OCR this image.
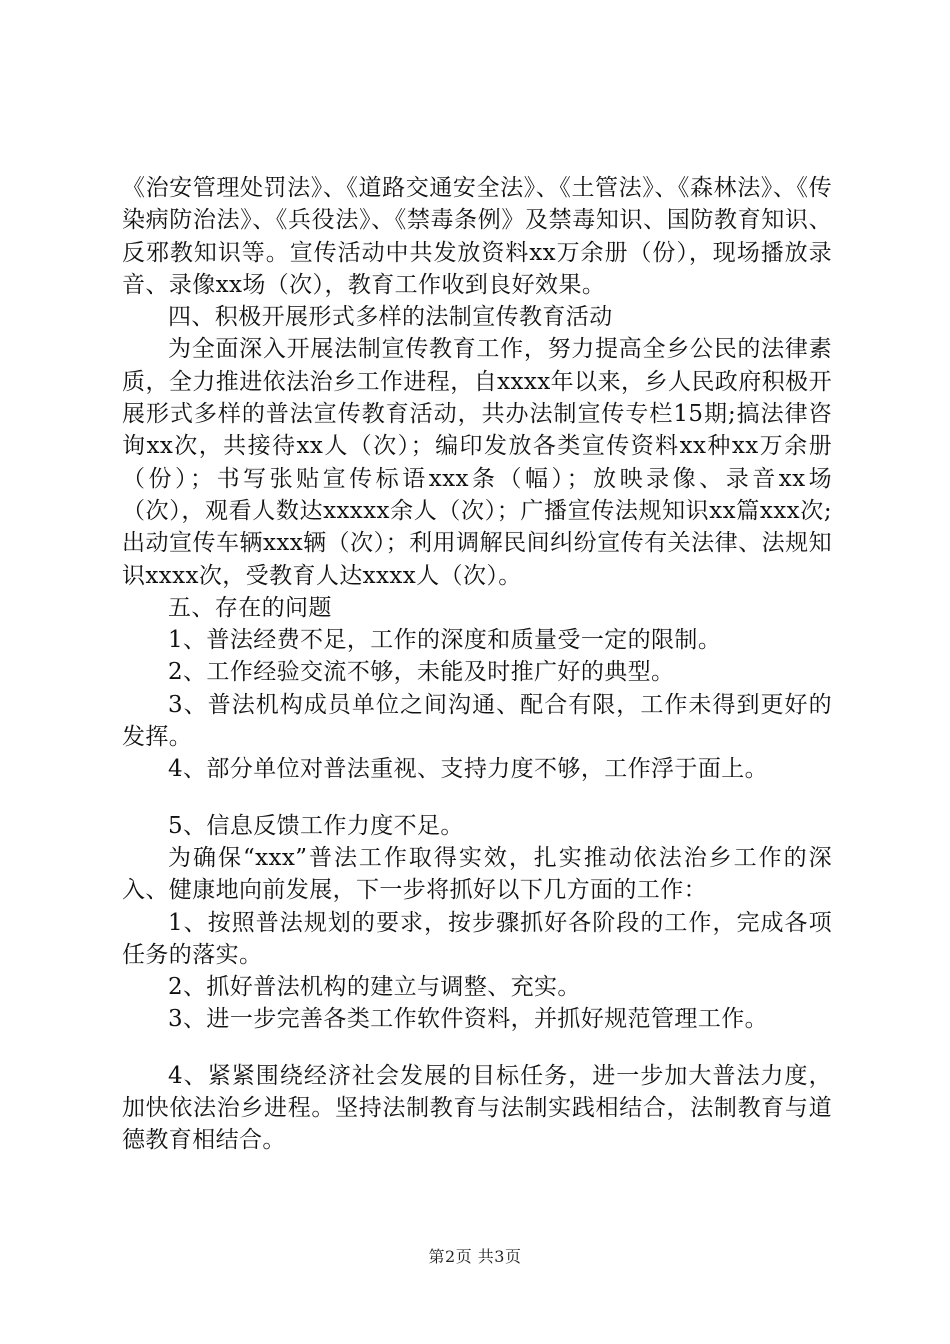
《治安管理处罚法》、《道路交通安全法》、《土管法》、《森林法》、《传染病防治法》、《兵役法》、《禁毒条例》及禁毒知识、国防教育知识、反邪教知识等。宣传活动中共发放资料xx万余册（份），现场播放录音、录像xx场（次），教育工作收到良好效果。

四、积极开展形式多样的法制宣传教育活动

为全面深入开展法制宣传教育工作，努力提高全乡公民的法律素质，全力推进依法治乡工作进程，自xxxx年以来，乡人民政府积极开展形式多样的普法宣传教育活动，共办法制宣传专栏15期;搞法律咨询xx次，共接待xx人（次）；编印发放各类宣传资料xx种xx万余册（份）；书写张贴宣传标语xxx条（幅）；放映录像、录音xx场（次），观看人数达xxxxx余人（次）；广播宣传法规知识xx篇xxx次;出动宣传车辆xxx辆（次）；利用调解民间纠纷宣传有关法律、法规知识xxxx次，受教育人达xxxx人（次）。

五、存在的问题

1、普法经费不足，工作的深度和质量受一定的限制。

2、工作经验交流不够，未能及时推广好的典型。

3、普法机构成员单位之间沟通、配合有限，工作未得到更好的发挥。

4、部分单位对普法重视、支持力度不够，工作浮于面上。

5、信息反馈工作力度不足。

为确保“xxx”普法工作取得实效，扎实推动依法治乡工作的深入、健康地向前发展，下一步将抓好以下几方面的工作：

1、按照普法规划的要求，按步骤抓好各阶段的工作，完成各项任务的落实。

2、抓好普法机构的建立与调整、充实。

3、进一步完善各类工作软件资料，并抓好规范管理工作。

4、紧紧围绕经济社会发展的目标任务，进一步加大普法力度，加快依法治乡进程。坚持法制教育与法制实践相结合，法制教育与道德教育相结合。

第2页 共3页
